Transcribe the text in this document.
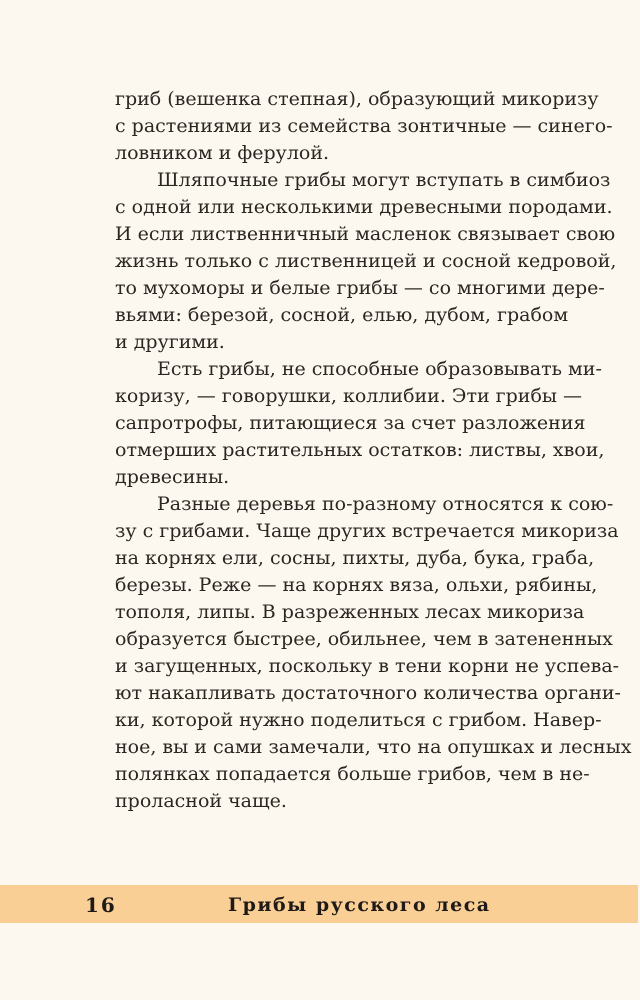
гриб (вешенка степная), образующий микоризу
с растениями из семейства зонтичные — синего-
ловником и ферулой.
Шляпочные грибы могут вступать в симбиоз
с одной или несколькими древесными породами.
И если лиственничный масленок связывает свою
жизнь только с лиственницей и сосной кедровой,
то мухоморы и белые грибы — со многими дере-
вьями: березой, сосной, елью, дубом, грабом
и другими.
Есть грибы, не способные образовывать ми-
коризу, — говорушки, коллибии. Эти грибы —
сапротрофы, питающиеся за счет разложения
отмерших растительных остатков: листвы, хвои,
древесины.
Разные деревья по-разному относятся к сою-
зу с грибами. Чаще других встречается микориза
на корнях ели, сосны, пихты, дуба, бука, граба,
березы. Реже — на корнях вяза, ольхи, рябины,
тополя, липы. В разреженных лесах микориза
образуется быстрее, обильнее, чем в затененных
и загущенных, поскольку в тени корни не успева-
ют накапливать достаточного количества органи-
ки, которой нужно поделиться с грибом. Навер-
ное, вы и сами замечали, что на опушках и лесных
полянках попадается больше грибов, чем в не-
проласной чаще.
16	Грибы русского леса
